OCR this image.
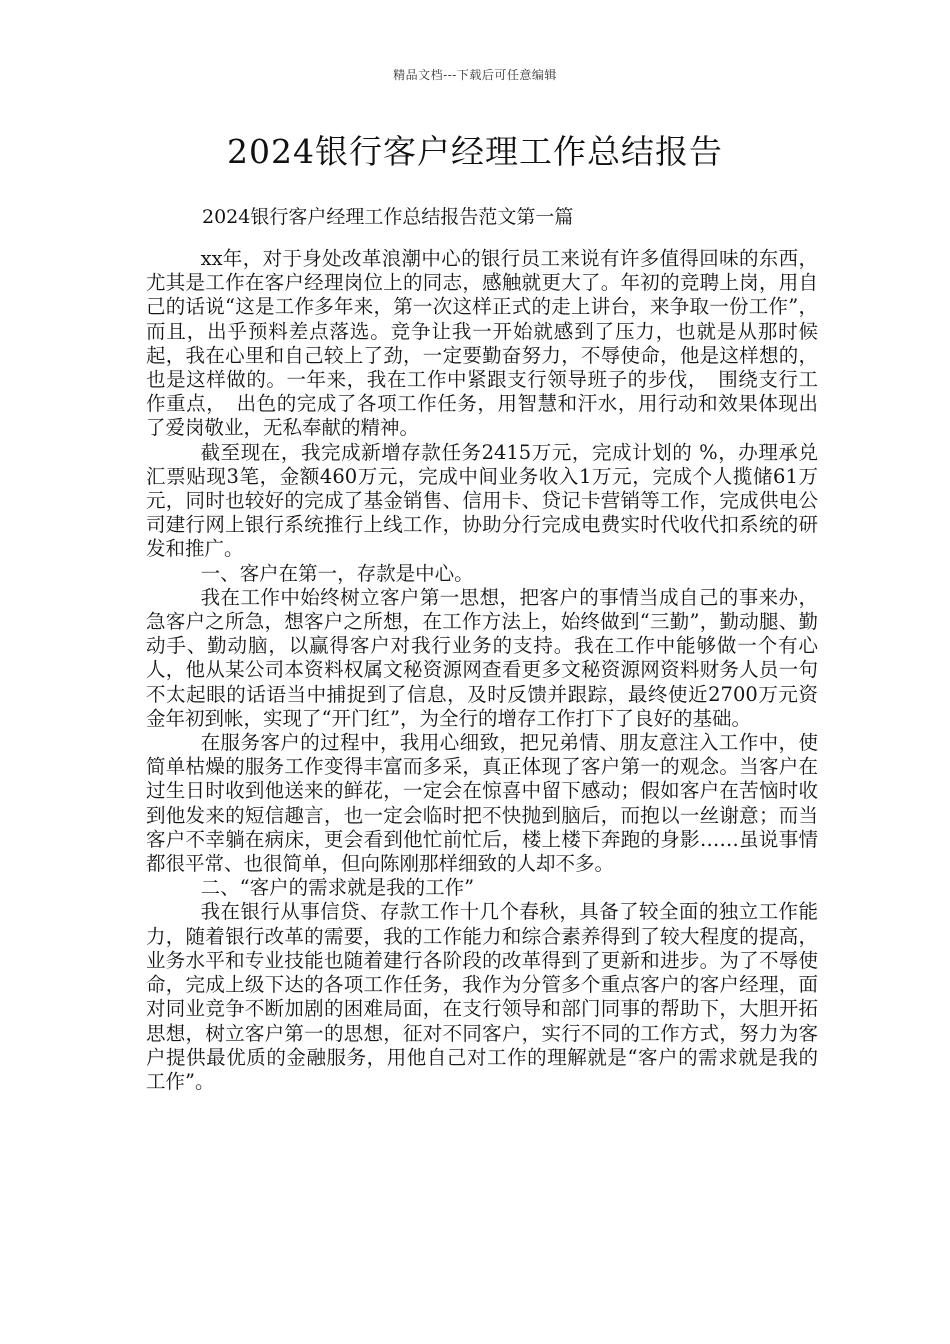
精品文档---下载后可任意编辑
2024银行客户经理工作总结报告
2024银行客户经理工作总结报告范文第一篇

xx年，对于身处改革浪潮中心的银行员工来说有许多值得回味的东西，尤其是工作在客户经理岗位上的同志，感触就更大了。年初的竞聘上岗，用自己的话说“这是工作多年来，第一次这样正式的走上讲台，来争取一份工作”，而且，出乎预料差点落选。竞争让我一开始就感到了压力，也就是从那时候起，我在心里和自己较上了劲，一定要勤奋努力，不辱使命，他是这样想的，也是这样做的。一年来，我在工作中紧跟支行领导班子的步伐，　围绕支行工作重点，　出色的完成了各项工作任务，用智慧和汗水，用行动和效果体现出了爱岗敬业，无私奉献的精神。

截至现在，我完成新增存款任务2415万元，完成计划的 %，办理承兑汇票贴现3笔，金额460万元，完成中间业务收入1万元，完成个人揽储61万元，同时也较好的完成了基金销售、信用卡、贷记卡营销等工作，完成供电公司建行网上银行系统推行上线工作，协助分行完成电费实时代收代扣系统的研发和推广。

一、客户在第一，存款是中心。

我在工作中始终树立客户第一思想，把客户的事情当成自己的事来办，急客户之所急，想客户之所想，在工作方法上，始终做到“三勤”，勤动腿、勤动手、勤动脑，以赢得客户对我行业务的支持。我在工作中能够做一个有心人，他从某公司本资料权属文秘资源网查看更多文秘资源网资料财务人员一句不太起眼的话语当中捕捉到了信息，及时反馈并跟踪，最终使近2700万元资金年初到帐，实现了“开门红”，为全行的增存工作打下了良好的基础。

在服务客户的过程中，我用心细致，把兄弟情、朋友意注入工作中，使简单枯燥的服务工作变得丰富而多采，真正体现了客户第一的观念。当客户在过生日时收到他送来的鲜花，一定会在惊喜中留下感动；假如客户在苦恼时收到他发来的短信趣言，也一定会临时把不快抛到脑后，而抱以一丝谢意；而当客户不幸躺在病床，更会看到他忙前忙后，楼上楼下奔跑的身影……虽说事情都很平常、也很简单，但向陈刚那样细致的人却不多。

二、“客户的需求就是我的工作”

我在银行从事信贷、存款工作十几个春秋，具备了较全面的独立工作能力，随着银行改革的需要，我的工作能力和综合素养得到了较大程度的提高，业务水平和专业技能也随着建行各阶段的改革得到了更新和进步。为了不辱使命，完成上级下达的各项工作任务，我作为分管多个重点客户的客户经理，面对同业竞争不断加剧的困难局面，在支行领导和部门同事的帮助下，大胆开拓思想，树立客户第一的思想，征对不同客户，实行不同的工作方式，努力为客户提供最优质的金融服务，用他自己对工作的理解就是“客户的需求就是我的工作”。
